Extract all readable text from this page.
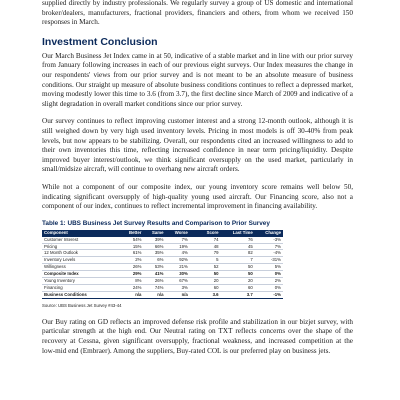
supplied directly by industry professionals. We regularly survey a group of US domestic and international broker/dealers, manufacturers, fractional providers, financiers and others, from whom we received 150 responses in March.

Investment Conclusion

Our March Business Jet Index came in at 50, indicative of a stable market and in line with our prior survey from January following increases in each of our previous eight surveys. Our Index measures the change in our respondents' views from our prior survey and is not meant to be an absolute measure of business conditions. Our straight up measure of absolute business conditions continues to reflect a depressed market, moving modestly lower this time to 3.6 (from 3.7), the first decline since March of 2009 and indicative of a slight degradation in overall market conditions since our prior survey.

Our survey continues to reflect improving customer interest and a strong 12-month outlook, although it is still weighed down by very high used inventory levels. Pricing in most models is off 30-40% from peak levels, but now appears to be stabilizing. Overall, our respondents cited an increased willingness to add to their own inventories this time, reflecting increased confidence in near term pricing/liquidity. Despite improved buyer interest/outlook, we think significant oversupply on the used market, particularly in small/midsize aircraft, will continue to overhang new aircraft orders.

While not a component of our composite index, our young inventory score remains well below 50, indicating significant oversupply of high-quality young used aircraft. Our Financing score, also not a component of our index, continues to reflect incremental improvement in financing availability.

Table 1: UBS Business Jet Survey Results and Comparison to Prior Survey
Component	Better	Same	Worse		Score	Last Time	Change
Customer Interest	54%	39%	7%		74	76	-3%
Pricing	15%	66%	19%		48	45	7%
12 Month Outlook	61%	35%	4%		79	82	-4%
Inventory Levels	2%	6%	92%		5	7	-31%
Willingness	26%	53%	21%		52	50	5%
Composite Index	29%	41%	30%		50	50	0%
Young Inventory	8%	26%	67%		20	20	2%
Financing	24%	74%	3%		60	60	0%
Business Conditions	n/a	n/a	n/a		3.6	3.7	-1%
Source: UBS Business Jet Survey #43-44

Our Buy rating on GD reflects an improved defense risk profile and stabilization in our bizjet survey, with particular strength at the high end. Our Neutral rating on TXT reflects concerns over the shape of the recovery at Cessna, given significant oversupply, fractional weakness, and increased competition at the low-mid end (Embraer). Among the suppliers, Buy-rated COL is our preferred play on business jets.
